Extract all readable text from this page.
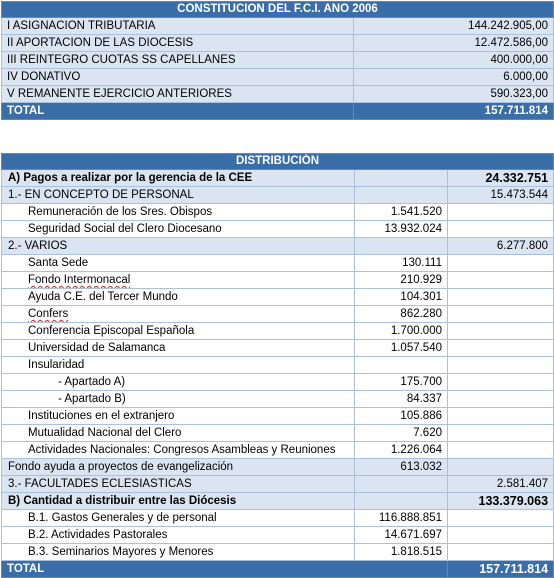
CONSTITUCION DEL F.C.I. ANO 2006	
I ASIGNACION TRIBUTARIA	144.242.905,00
II APORTACION DE LAS DIOCESIS	12.472.586,00
III REINTEGRO CUOTAS SS CAPELLANES	400.000,00
IV DONATIVO	6.000,00
V REMANENTE EJERCICIO ANTERIORES	590.323,00
TOTAL	157.711.814
DISTRIBUCIÓN		
A) Pagos a realizar por la gerencia de la CEE		24.332.751
1.- EN CONCEPTO DE PERSONAL		15.473.544
Remuneración de los Sres. Obispos	1.541.520	
Seguridad Social del Clero Diocesano	13.932.024	
2.- VARIOS		6.277.800
Santa Sede	130.111	
Fondo Intermonacal	210.929	
Ayuda C.E. del Tercer Mundo	104.301	
Confers	862.280	
Conferencia Episcopal Española	1.700.000	
Universidad de Salamanca	1.057.540	
Insularidad		
- Apartado A)	175.700	
- Apartado B)	84.337	
Instituciones en el extranjero	105.886	
Mutualidad Nacional del Clero	7.620	
Actividades Nacionales: Congresos Asambleas y Reuniones	1.226.064	
Fondo ayuda a proyectos de evangelización	613.032	
3.- FACULTADES ECLESIASTICAS		2.581.407
B) Cantidad a distribuir entre las Diócesis		133.379.063
B.1. Gastos Generales y de personal	116.888.851	
B.2. Actividades Pastorales	14.671.697	
B.3. Seminarios Mayores y Menores	1.818.515	
TOTAL		157.711.814
